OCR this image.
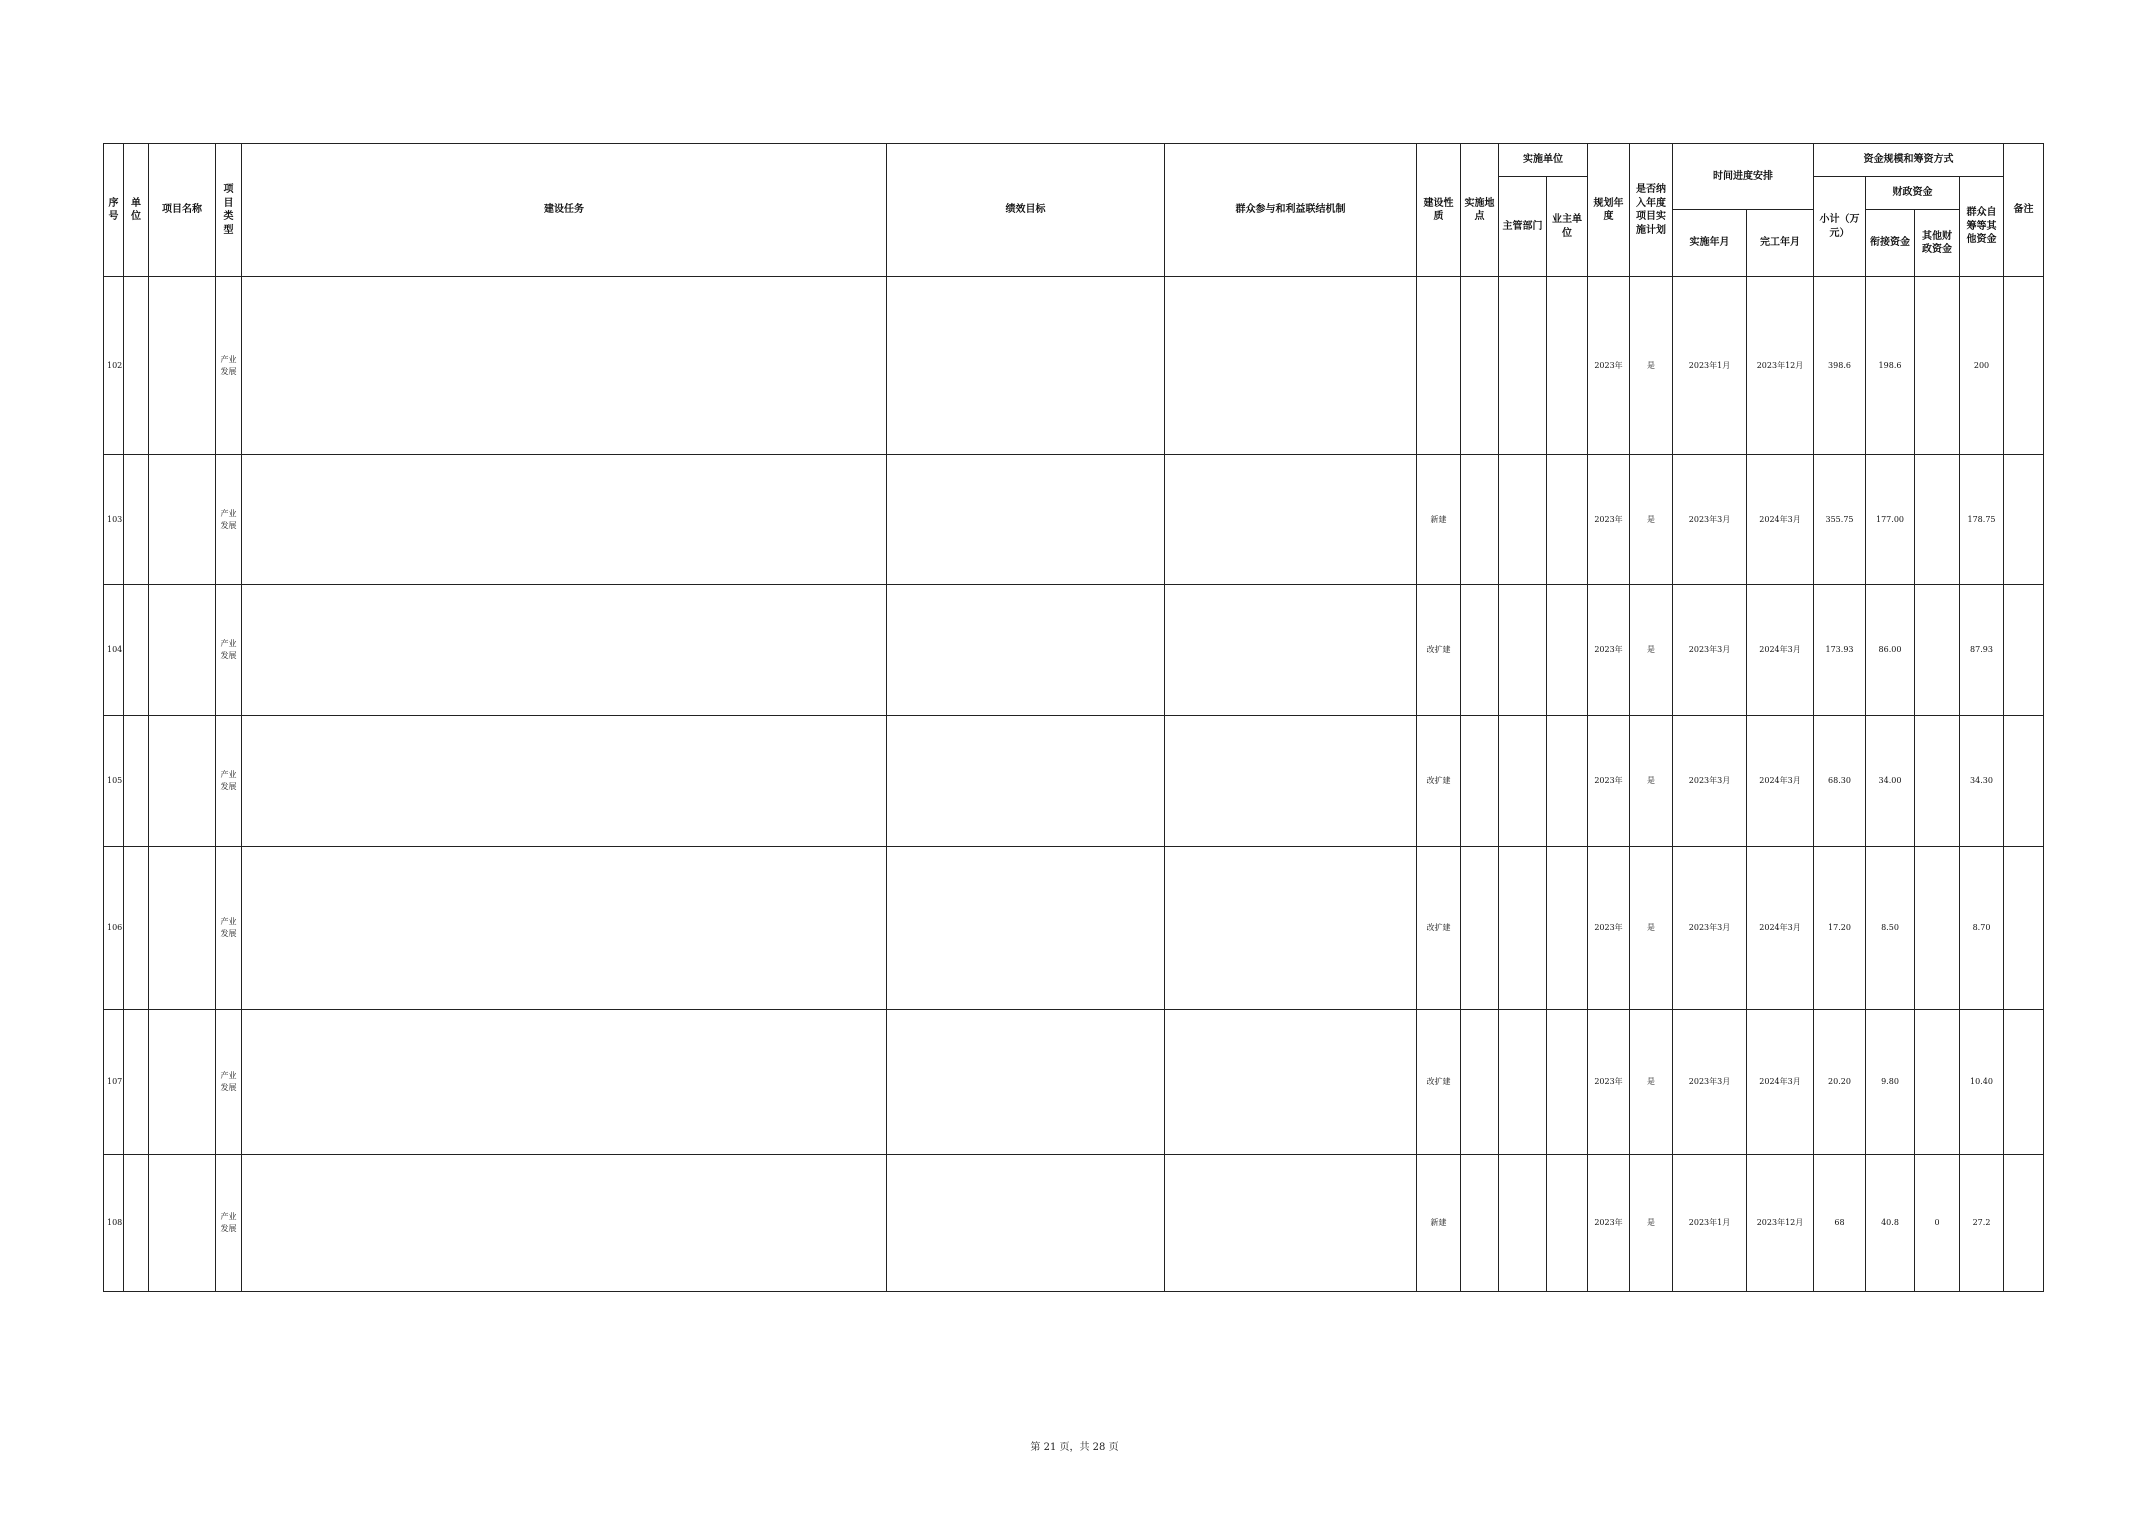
序号	单位	项目名称	项目类型	建设任务	绩效目标	群众参与和利益联结机制	建设性质	实施地点	实施单位		规划年度	是否纳入年度项目实施计划	时间进度安排		资金规模和筹资方式				备注
									主管部门	业主单位					小计（万元）	财政资金		群众自筹等其他资金	
													实施年月	完工年月		衔接资金	其他财政资金		
102			产业发展								2023年	是	2023年1月	2023年12月	398.6	198.6		200	
103			产业发展				新建				2023年	是	2023年3月	2024年3月	355.75	177.00		178.75	
104			产业发展				改扩建				2023年	是	2023年3月	2024年3月	173.93	86.00		87.93	
105			产业发展				改扩建				2023年	是	2023年3月	2024年3月	68.30	34.00		34.30	
106			产业发展				改扩建				2023年	是	2023年3月	2024年3月	17.20	8.50		8.70	
107			产业发展				改扩建				2023年	是	2023年3月	2024年3月	20.20	9.80		10.40	
108			产业发展				新建				2023年	是	2023年1月	2023年12月	68	40.8	0	27.2	
第 21 页，共 28 页
